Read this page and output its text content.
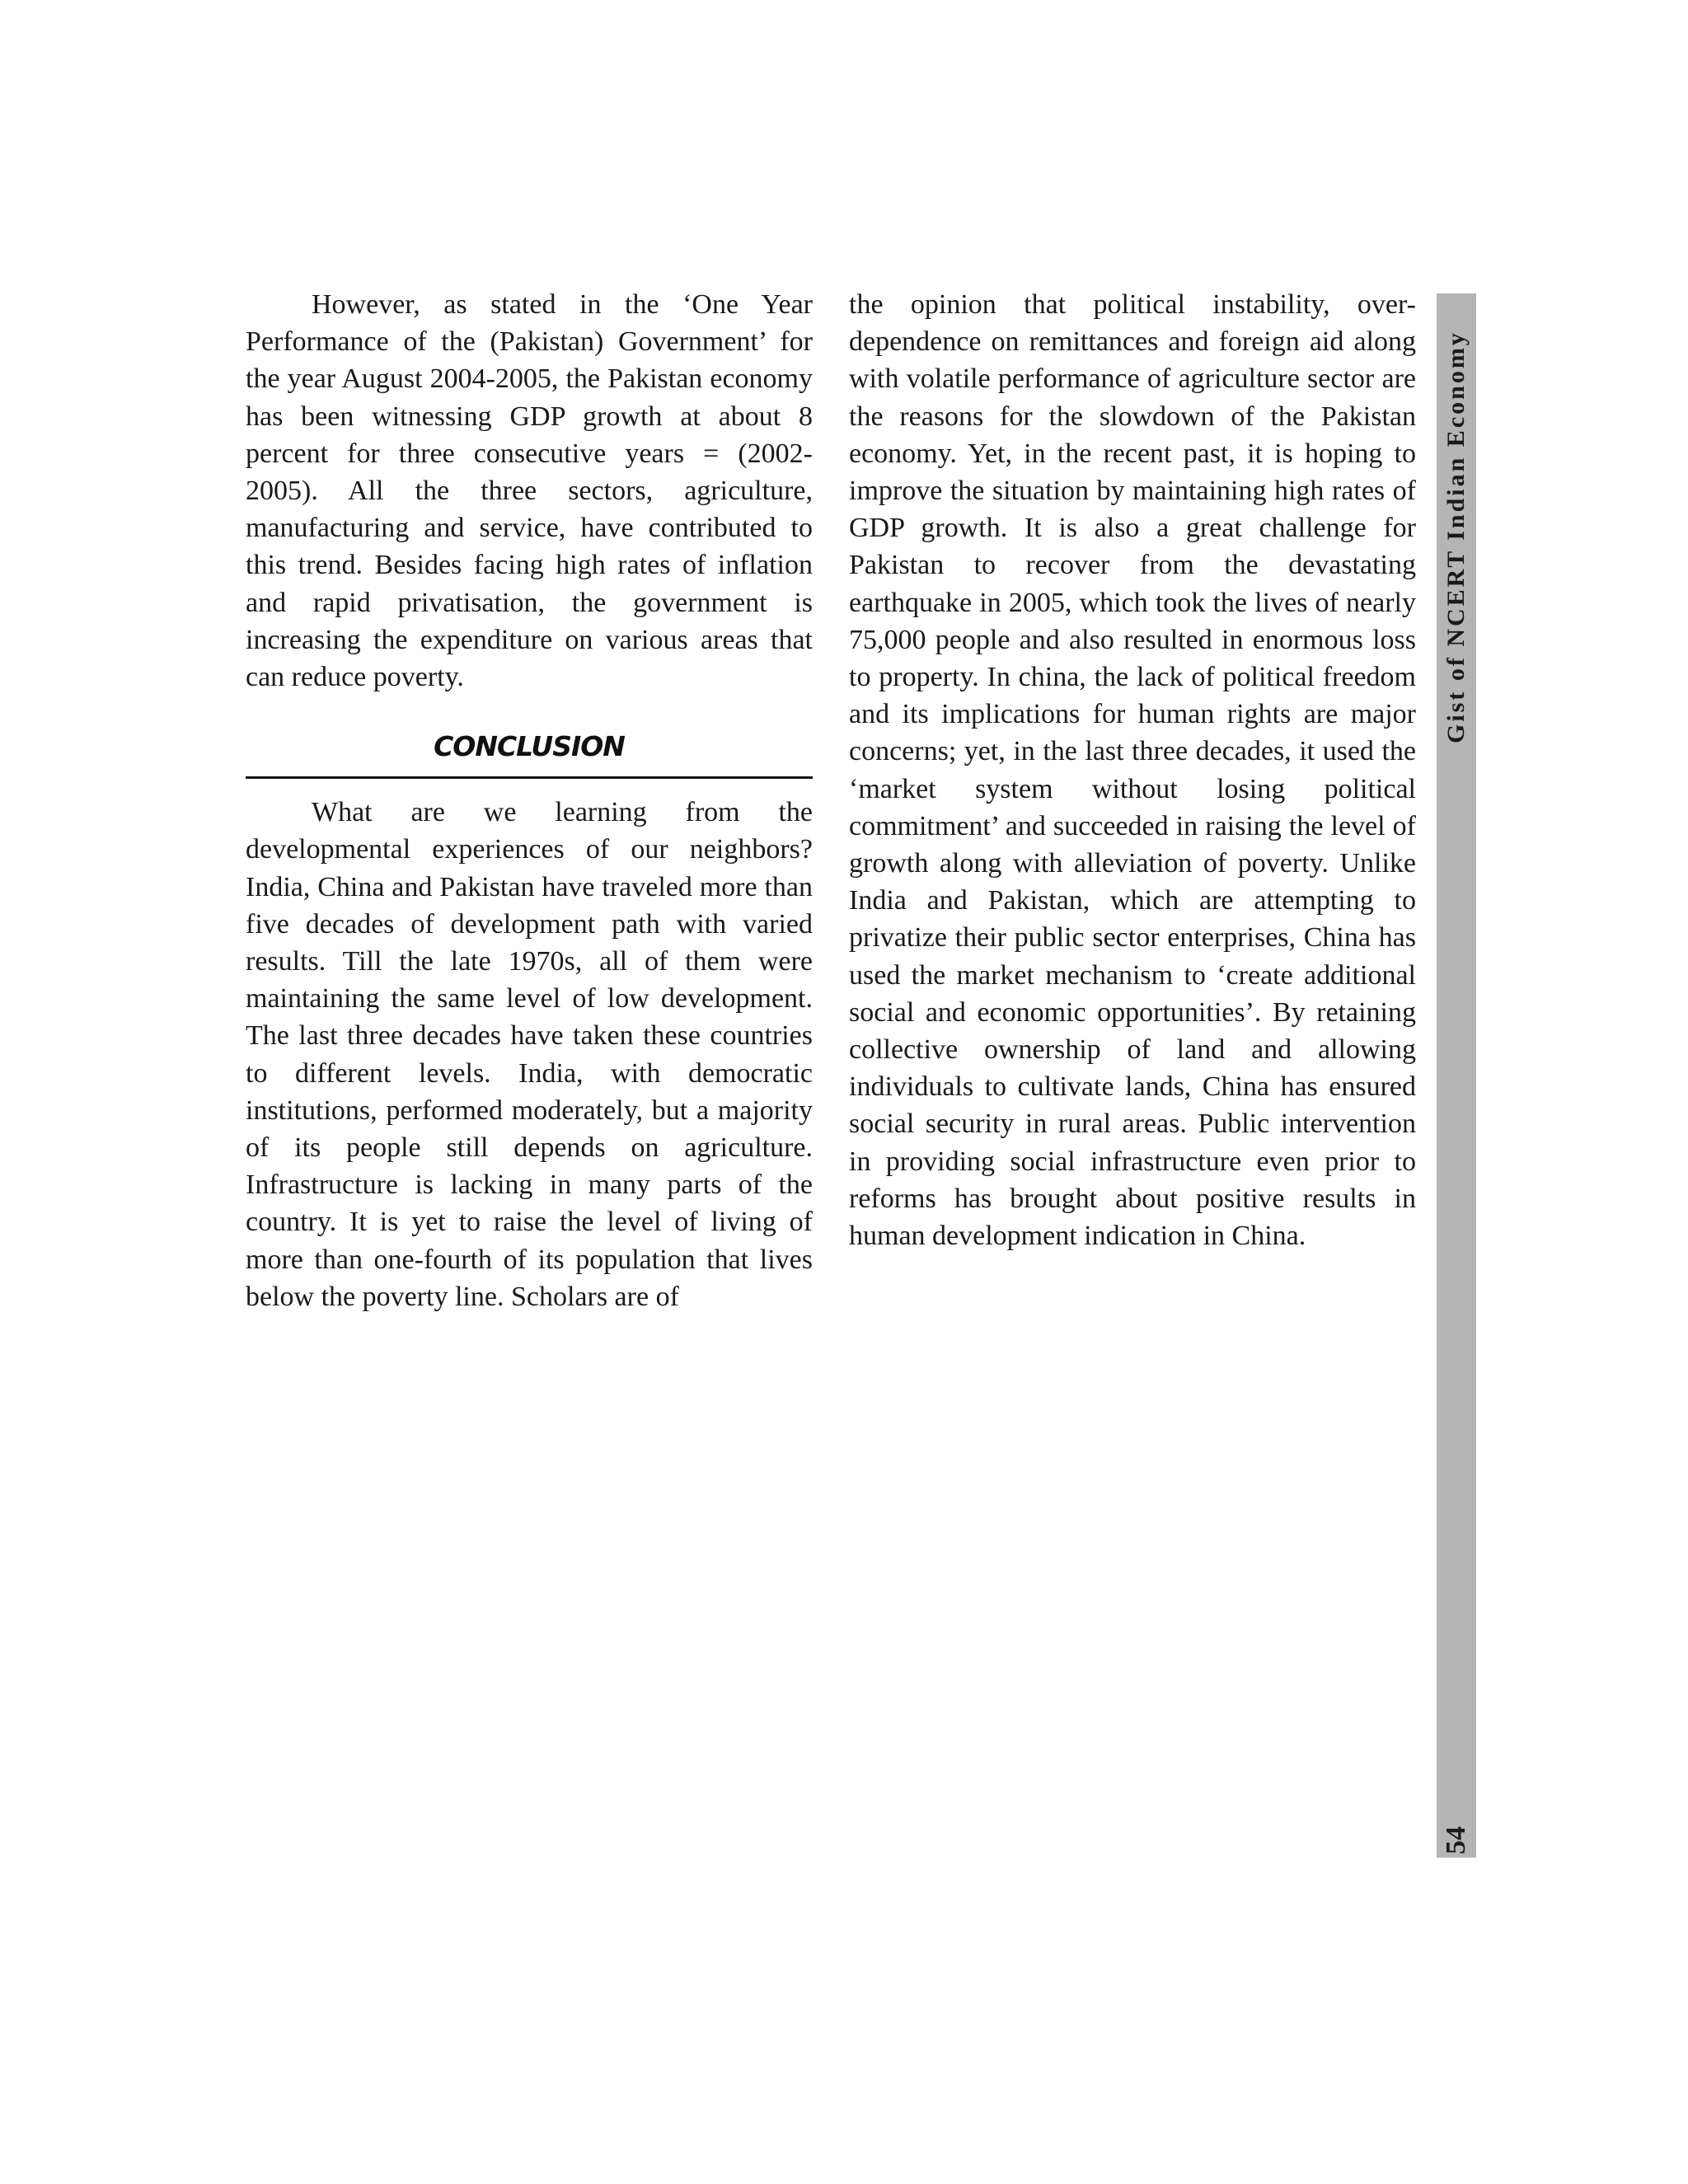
However, as stated in the ‘One Year Performance of the (Pakistan) Government’ for the year August 2004-2005, the Pakistan economy has been witnessing GDP growth at about 8 percent for three consecutive years = (2002-2005). All the three sectors, agriculture, manufacturing and service, have contributed to this trend. Besides facing high rates of inflation and rapid privatisation, the government is increasing the expenditure on various areas that can reduce poverty.

CONCLUSION

What are we learning from the developmental experiences of our neighbors? India, China and Pakistan have traveled more than five decades of development path with varied results. Till the late 1970s, all of them were maintaining the same level of low development. The last three decades have taken these countries to different levels. India, with democratic institutions, performed moderately, but a majority of its people still depends on agriculture. Infrastructure is lacking in many parts of the country. It is yet to raise the level of living of more than one-fourth of its population that lives below the poverty line. Scholars are of

the opinion that political instability, over-dependence on remittances and foreign aid along with volatile performance of agriculture sector are the reasons for the slowdown of the Pakistan economy. Yet, in the recent past, it is hoping to improve the situation by maintaining high rates of GDP growth. It is also a great challenge for Pakistan to recover from the devastating earthquake in 2005, which took the lives of nearly 75,000 people and also resulted in enormous loss to property. In china, the lack of political freedom and its implications for human rights are major concerns; yet, in the last three decades, it used the ‘market system without losing political commitment’ and succeeded in raising the level of growth along with alleviation of poverty. Unlike India and Pakistan, which are attempting to privatize their public sector enterprises, China has used the market mechanism to ‘create additional social and economic opportunities’. By retaining collective ownership of land and allowing individuals to cultivate lands, China has ensured social security in rural areas. Public intervention in providing social infrastructure even prior to reforms has brought about positive results in human development indication in China.

Gist of NCERT Indian Economy
54
